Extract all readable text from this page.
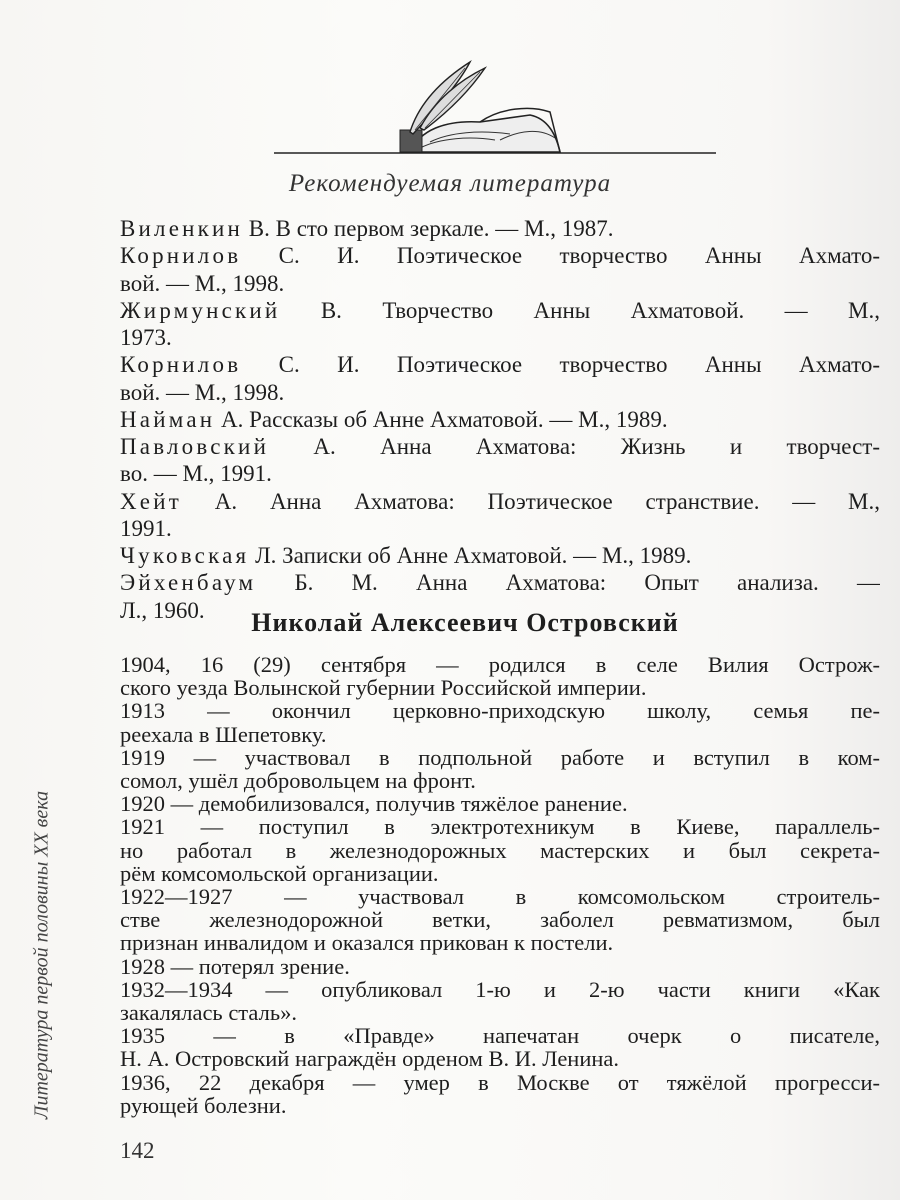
Рекомендуемая литература
Виленкин В. В сто первом зеркале. — М., 1987.
Корнилов С. И. Поэтическое творчество Анны Ахмато-
вой. — М., 1998.
Жирмунский В. Творчество Анны Ахматовой. — М.,
1973.
Корнилов С. И. Поэтическое творчество Анны Ахмато-
вой. — М., 1998.
Найман А. Рассказы об Анне Ахматовой. — М., 1989.
Павловский А. Анна Ахматова: Жизнь и творчест-
во. — М., 1991.
Хейт А. Анна Ахматова: Поэтическое странствие. — М.,
1991.
Чуковская Л. Записки об Анне Ахматовой. — М., 1989.
Эйхенбаум Б. М. Анна Ахматова: Опыт анализа. —
Л., 1960.	Николай Алексеевич Островский
1904, 16 (29) сентября — родился в селе Вилия Острож-
ского уезда Волынской губернии Российской империи.
1913 — окончил церковно-приходскую школу, семья пе-
реехала в Шепетовку.
1919 — участвовал в подпольной работе и вступил в ком-
сомол, ушёл добровольцем на фронт.
1920 — демобилизовался, получив тяжёлое ранение.
1921 — поступил в электротехникум в Киеве, параллель-
но работал в железнодорожных мастерских и был секрета-
рём комсомольской организации.
1922—1927 — участвовал в комсомольском строитель-
стве железнодорожной ветки, заболел ревматизмом, был
признан инвалидом и оказался прикован к постели.
1928 — потерял зрение.
1932—1934 — опубликовал 1-ю и 2-ю части книги «Как
закалялась сталь».
1935 — в «Правде» напечатан очерк о писателе,
Н. А. Островский награждён орденом В. И. Ленина.
1936, 22 декабря — умер в Москве от тяжёлой прогресси-
рующей болезни.
Литература первой половины XX века
142
